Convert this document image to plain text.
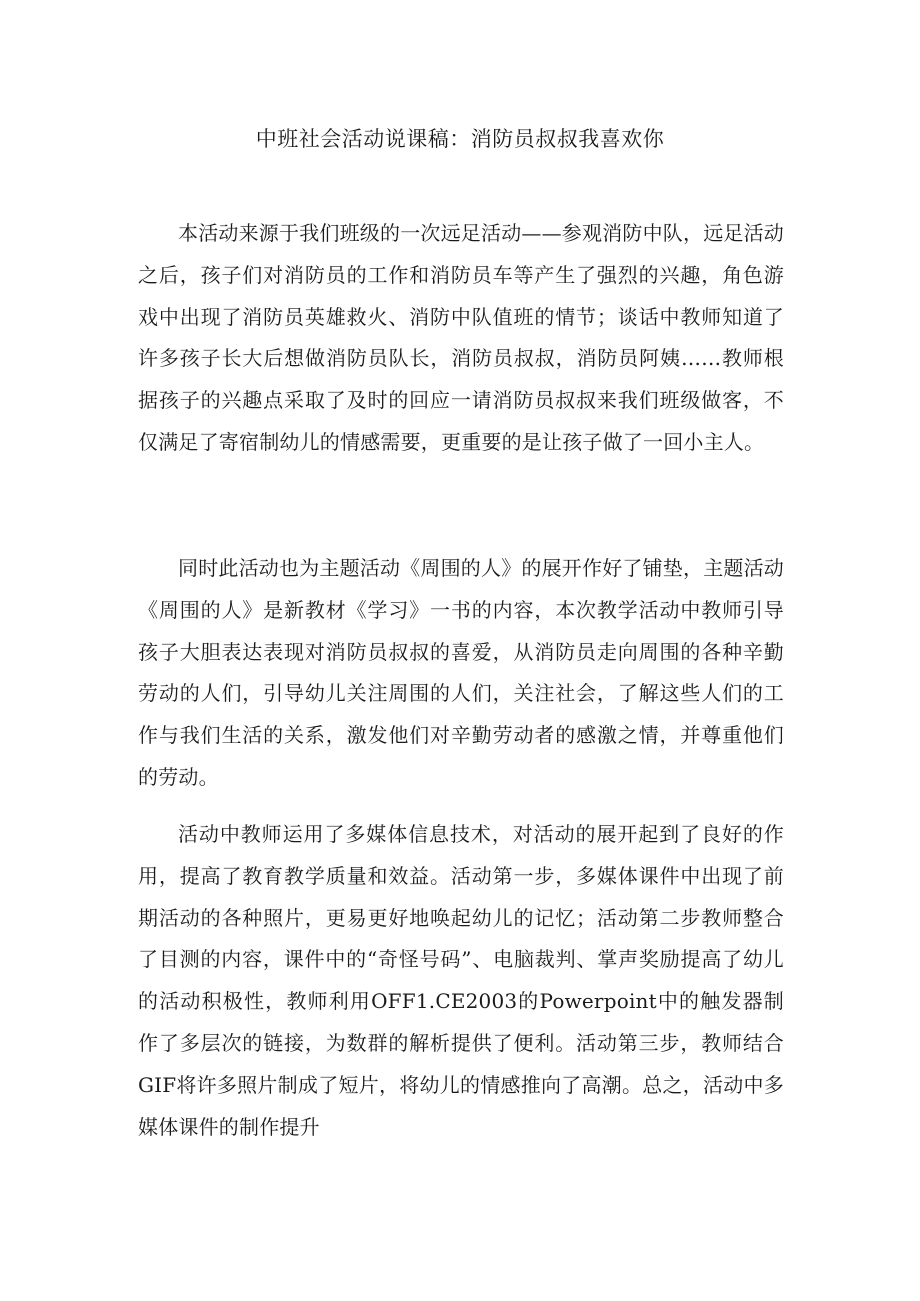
中班社会活动说课稿：消防员叔叔我喜欢你

本活动来源于我们班级的一次远足活动——参观消防中队，远足活动之后，孩子们对消防员的工作和消防员车等产生了强烈的兴趣，角色游戏中出现了消防员英雄救火、消防中队值班的情节；谈话中教师知道了许多孩子长大后想做消防员队长，消防员叔叔，消防员阿姨……教师根据孩子的兴趣点采取了及时的回应一请消防员叔叔来我们班级做客，不仅满足了寄宿制幼儿的情感需要，更重要的是让孩子做了一回小主人。

同时此活动也为主题活动《周围的人》的展开作好了铺垫，主题活动《周围的人》是新教材《学习》一书的内容，本次教学活动中教师引导孩子大胆表达表现对消防员叔叔的喜爱，从消防员走向周围的各种辛勤劳动的人们，引导幼儿关注周围的人们，关注社会，了解这些人们的工作与我们生活的关系，激发他们对辛勤劳动者的感激之情，并尊重他们的劳动。

活动中教师运用了多媒体信息技术，对活动的展开起到了良好的作用，提高了教育教学质量和效益。活动第一步，多媒体课件中出现了前期活动的各种照片，更易更好地唤起幼儿的记忆；活动第二步教师整合了目测的内容，课件中的“奇怪号码”、电脑裁判、掌声奖励提高了幼儿的活动积极性，教师利用OFF1.CE2003的Powerpoint中的触发器制作了多层次的链接，为数群的解析提供了便利。活动第三步，教师结合GIF将许多照片制成了短片，将幼儿的情感推向了高潮。总之，活动中多媒体课件的制作提升
